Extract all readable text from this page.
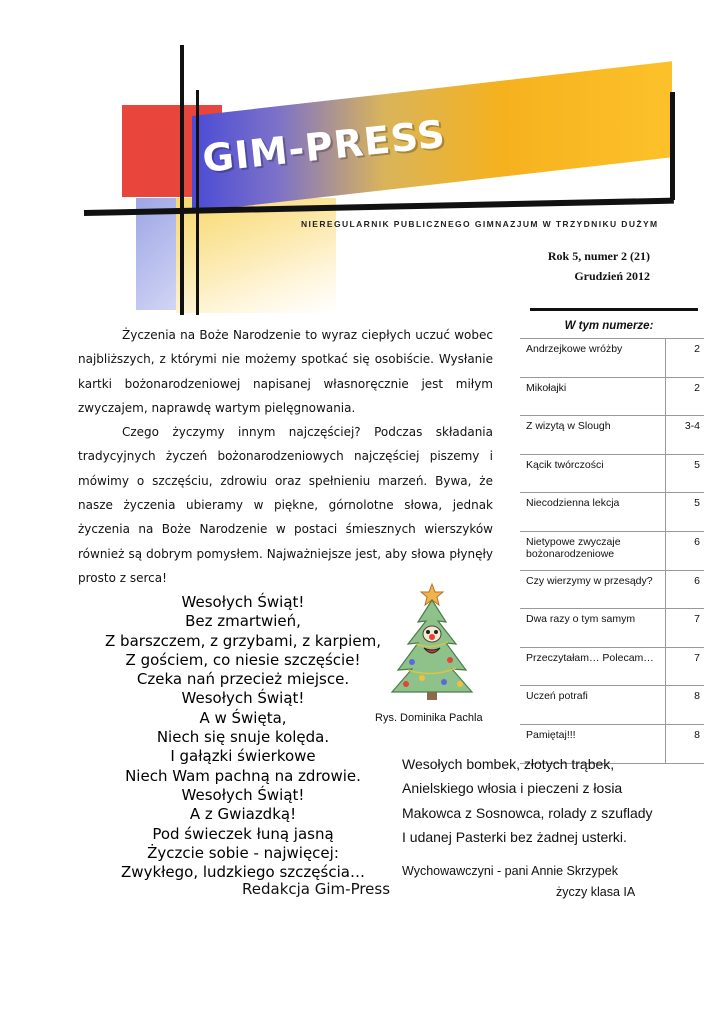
GIM-PRESS
NIEREGULARNIK PUBLICZNEGO GIMNAZJUM W TRZYDNIKU DUŻYM
Rok 5, numer 2 (21)
Grudzień 2012

Życzenia na Boże Narodzenie to wyraz ciepłych uczuć wobec najbliższych, z którymi nie możemy spotkać się osobiście. Wysłanie kartki bożonarodzeniowej napisanej własnoręcznie jest miłym zwyczajem, naprawdę wartym pielęgnowania.

Czego życzymy innym najczęściej? Podczas składania tradycyjnych życzeń bożonarodzeniowych najczęściej piszemy i mówimy o szczęściu, zdrowiu oraz spełnieniu marzeń. Bywa, że nasze życzenia ubieramy w piękne, górnolotne słowa, jednak życzenia na Boże Narodzenie w postaci śmiesznych wierszyków również są dobrym pomysłem. Najważniejsze jest, aby słowa płynęły prosto z serca!

Wesołych Świąt!
Bez zmartwień,
Z barszczem, z grzybami, z karpiem,
Z gościem, co niesie szczęście!
Czeka nań przecież miejsce.
Wesołych Świąt!
A w Święta,
Niech się snuje kolęda.
I gałązki świerkowe
Niech Wam pachną na zdrowie.
Wesołych Świąt!
A z Gwiazdką!
Pod świeczek łuną jasną
Życzcie sobie - najwięcej:
Zwykłego, ludzkiego szczęścia…
Redakcja Gim-Press
Rys. Dominika Pachla
W tym numerze:
Andrzejkowe wróżby	2
Mikołajki	2
Z wizytą w Slough	3-4
Kącik twórczości	5
Niecodzienna lekcja	5
Nietypowe zwyczaje bożonarodzeniowe	6
Czy wierzymy w przesądy?	6
Dwa razy o tym samym	7
Przeczytałam… Polecam…	7
Uczeń potrafi	8
Pamiętaj!!!	8
Wesołych bombek, złotych trąbek,
Anielskiego włosia i pieczeni z łosia
Makowca z Sosnowca, rolady z szuflady
I udanej Pasterki bez żadnej usterki.
Wychowawczyni - pani Annie Skrzypek
życzy klasa IA
